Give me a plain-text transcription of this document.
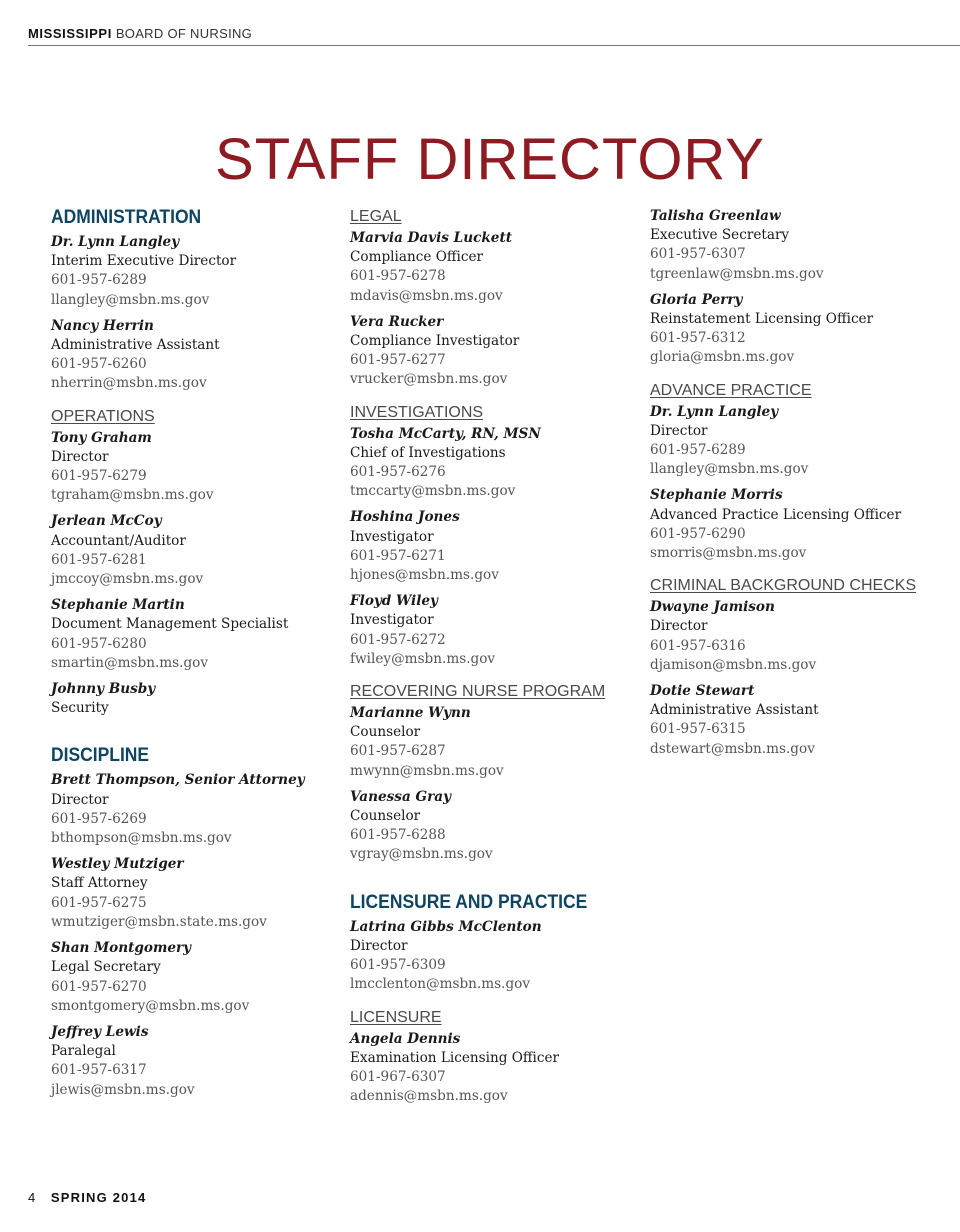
MISSISSIPPI BOARD OF NURSING
STAFF DIRECTORY
ADMINISTRATION
Dr. Lynn Langley
Interim Executive Director
601-957-6289
llangley@msbn.ms.gov
Nancy Herrin
Administrative Assistant
601-957-6260
nherrin@msbn.ms.gov
OPERATIONS
Tony Graham
Director
601-957-6279
tgraham@msbn.ms.gov
Jerlean McCoy
Accountant/Auditor
601-957-6281
jmccoy@msbn.ms.gov
Stephanie Martin
Document Management Specialist
601-957-6280
smartin@msbn.ms.gov
Johnny Busby
Security
DISCIPLINE
Brett Thompson, Senior Attorney
Director
601-957-6269
bthompson@msbn.ms.gov
Westley Mutziger
Staff Attorney
601-957-6275
wmutziger@msbn.state.ms.gov
Shan Montgomery
Legal Secretary
601-957-6270
smontgomery@msbn.ms.gov
Jeffrey Lewis
Paralegal
601-957-6317
jlewis@msbn.ms.gov
LEGAL
Marvia Davis Luckett
Compliance Officer
601-957-6278
mdavis@msbn.ms.gov
Vera Rucker
Compliance Investigator
601-957-6277
vrucker@msbn.ms.gov
INVESTIGATIONS
Tosha McCarty, RN, MSN
Chief of Investigations
601-957-6276
tmccarty@msbn.ms.gov
Hoshina Jones
Investigator
601-957-6271
hjones@msbn.ms.gov
Floyd Wiley
Investigator
601-957-6272
fwiley@msbn.ms.gov
RECOVERING NURSE PROGRAM
Marianne Wynn
Counselor
601-957-6287
mwynn@msbn.ms.gov
Vanessa Gray
Counselor
601-957-6288
vgray@msbn.ms.gov
LICENSURE AND PRACTICE
Latrina Gibbs McClenton
Director
601-957-6309
lmcclenton@msbn.ms.gov
LICENSURE
Angela Dennis
Examination Licensing Officer
601-967-6307
adennis@msbn.ms.gov
Talisha Greenlaw
Executive Secretary
601-957-6307
tgreenlaw@msbn.ms.gov
Gloria Perry
Reinstatement Licensing Officer
601-957-6312
gloria@msbn.ms.gov
ADVANCE PRACTICE
Dr. Lynn Langley
Director
601-957-6289
llangley@msbn.ms.gov
Stephanie Morris
Advanced Practice Licensing Officer
601-957-6290
smorris@msbn.ms.gov
CRIMINAL BACKGROUND CHECKS
Dwayne Jamison
Director
601-957-6316
djamison@msbn.ms.gov
Dotie Stewart
Administrative Assistant
601-957-6315
dstewart@msbn.ms.gov
4 SPRING 2014
